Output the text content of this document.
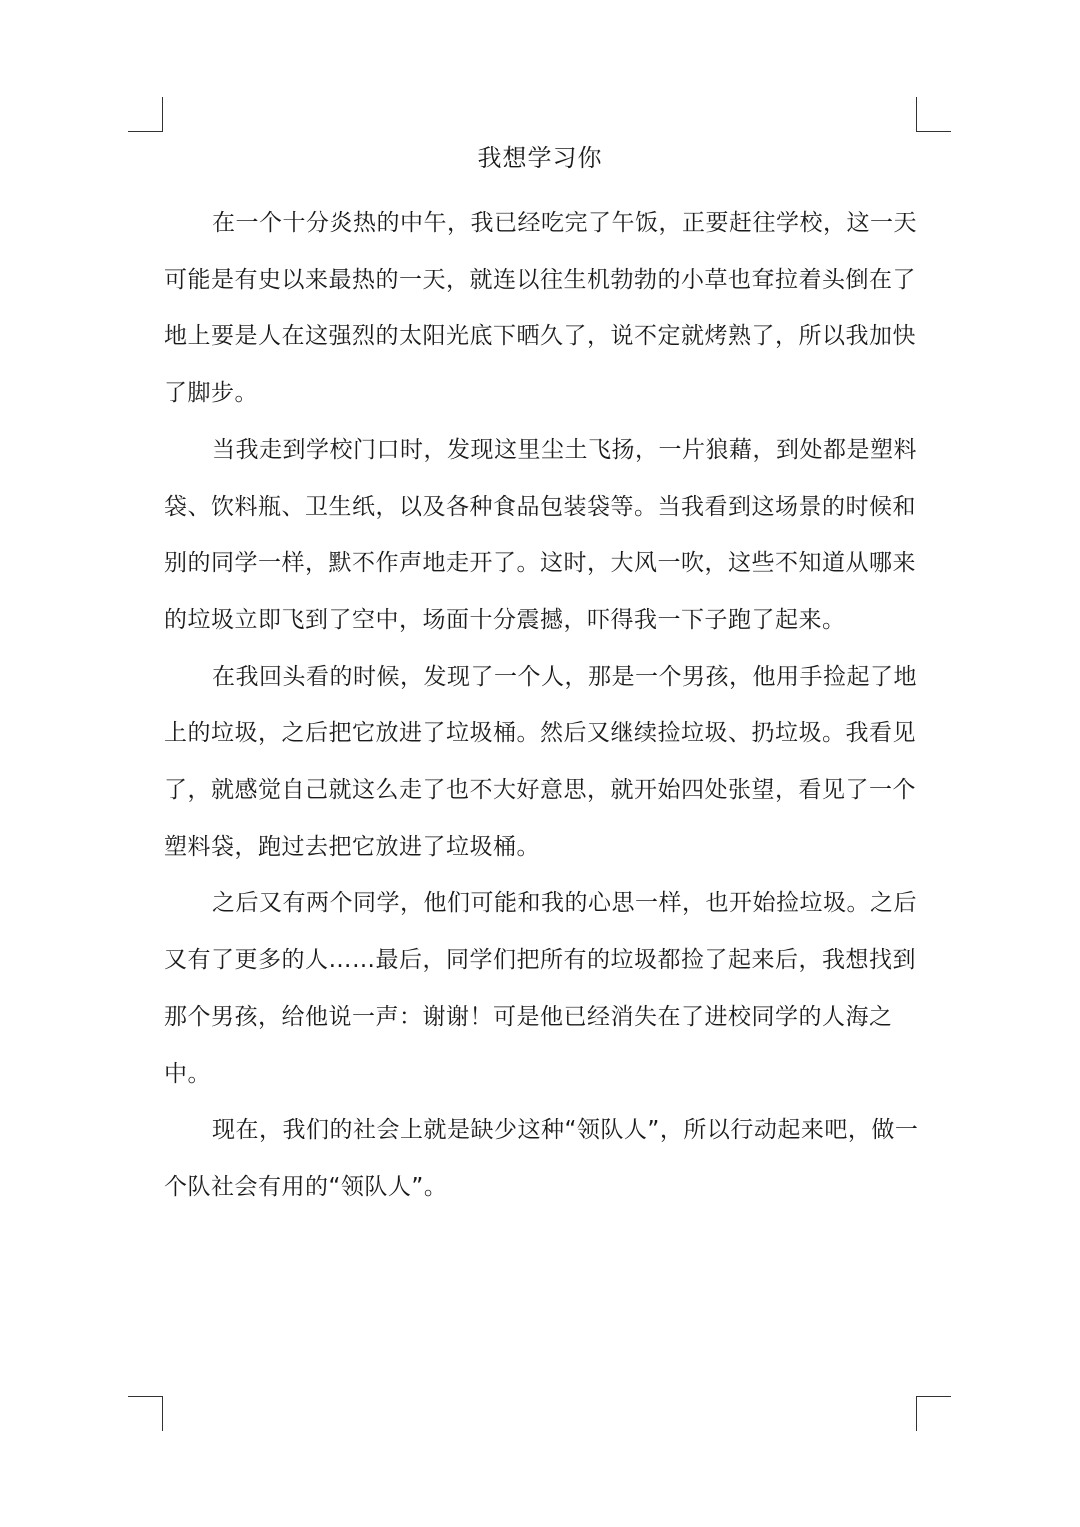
我想学习你

在一个十分炎热的中午，我已经吃完了午饭，正要赶往学校，这一天可能是有史以来最热的一天，就连以往生机勃勃的小草也耷拉着头倒在了地上要是人在这强烈的太阳光底下晒久了，说不定就烤熟了，所以我加快了脚步。

当我走到学校门口时，发现这里尘土飞扬，一片狼藉，到处都是塑料袋、饮料瓶、卫生纸，以及各种食品包装袋等。当我看到这场景的时候和别的同学一样，默不作声地走开了。这时，大风一吹，这些不知道从哪来的垃圾立即飞到了空中，场面十分震撼，吓得我一下子跑了起来。

在我回头看的时候，发现了一个人，那是一个男孩，他用手捡起了地上的垃圾，之后把它放进了垃圾桶。然后又继续捡垃圾、扔垃圾。我看见了，就感觉自己就这么走了也不大好意思，就开始四处张望，看见了一个塑料袋，跑过去把它放进了垃圾桶。

之后又有两个同学，他们可能和我的心思一样，也开始捡垃圾。之后又有了更多的人……最后，同学们把所有的垃圾都捡了起来后，我想找到那个男孩，给他说一声：谢谢！可是他已经消失在了进校同学的人海之中。

现在，我们的社会上就是缺少这种“领队人”，所以行动起来吧，做一个队社会有用的“领队人”。
